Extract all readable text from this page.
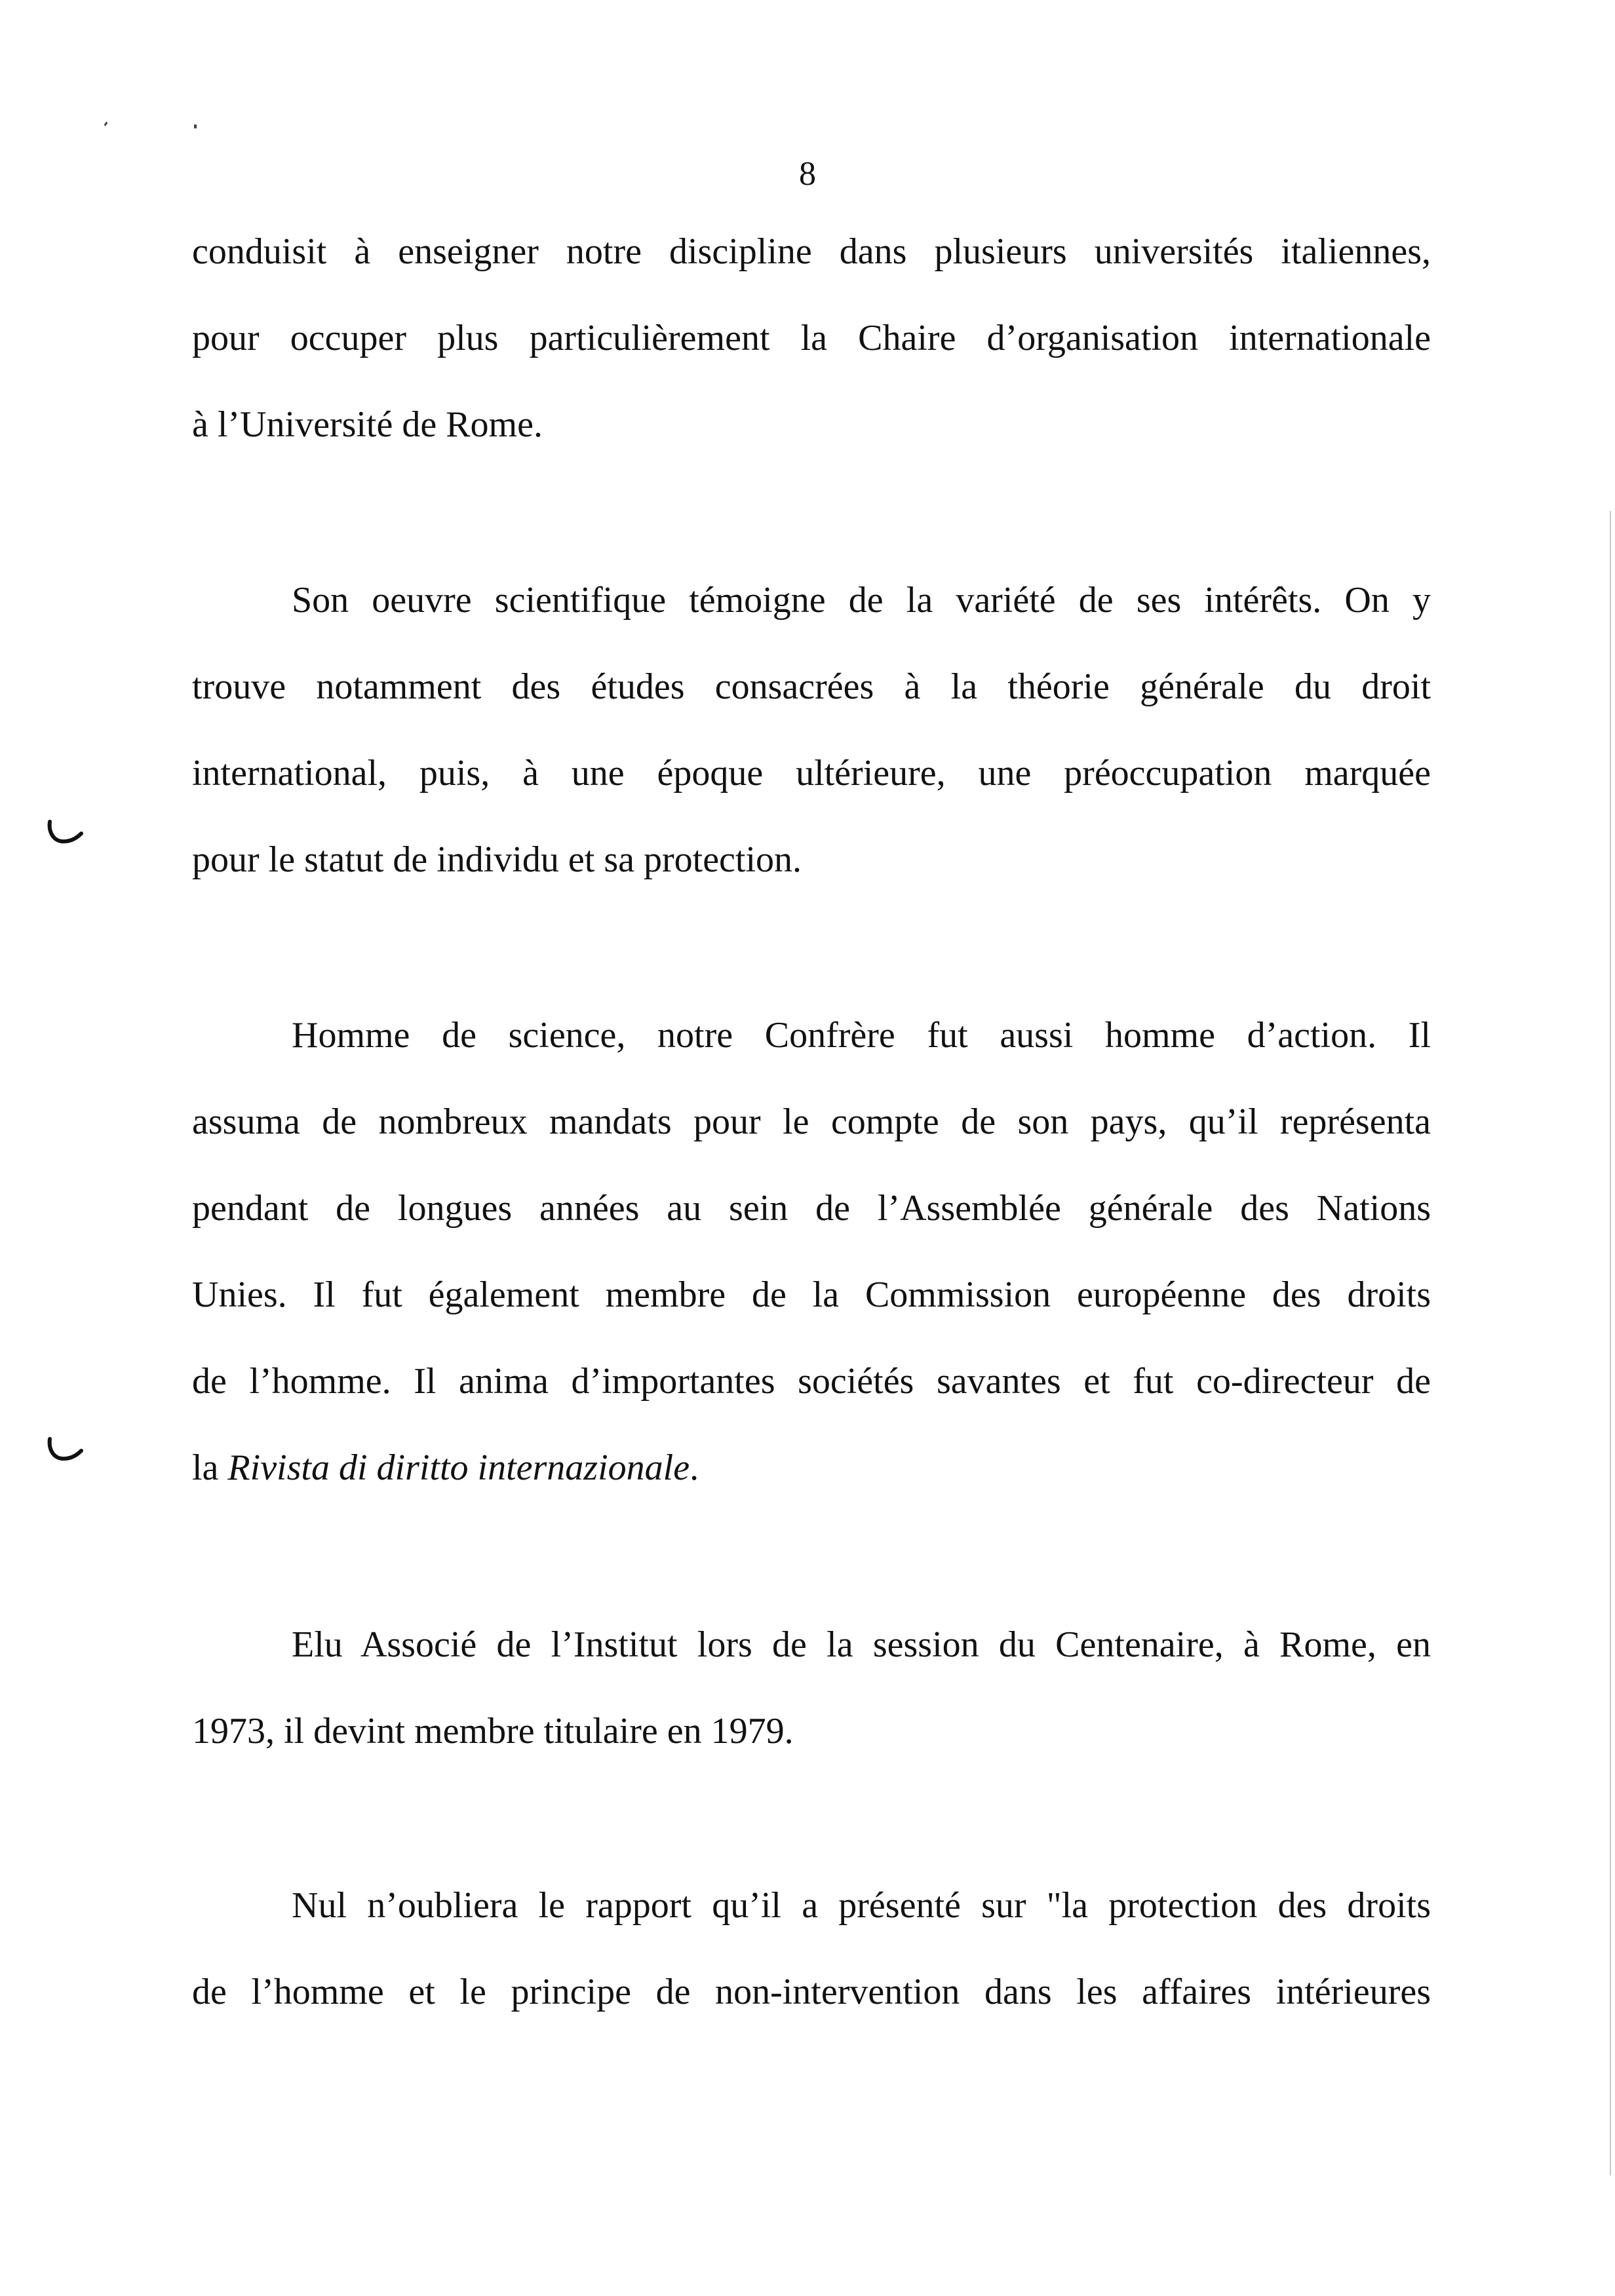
8
conduisit à enseigner notre discipline dans plusieurs universités italiennes,
pour occuper plus particulièrement la Chaire d’organisation internationale
à l’Université de Rome.
Son oeuvre scientifique témoigne de la variété de ses intérêts. On y
trouve notamment des études consacrées à la théorie générale du droit
international, puis, à une époque ultérieure, une préoccupation marquée
pour le statut de individu et sa protection.
Homme de science, notre Confrère fut aussi homme d’action. Il
assuma de nombreux mandats pour le compte de son pays, qu’il représenta
pendant de longues années au sein de l’Assemblée générale des Nations
Unies. Il fut également membre de la Commission européenne des droits
de l’homme. Il anima d’importantes sociétés savantes et fut co-directeur de
la Rivista di diritto internazionale.
Elu Associé de l’Institut lors de la session du Centenaire, à Rome, en
1973, il devint membre titulaire en 1979.
Nul n’oubliera le rapport qu’il a présenté sur "la protection des droits
de l’homme et le principe de non-intervention dans les affaires intérieures
